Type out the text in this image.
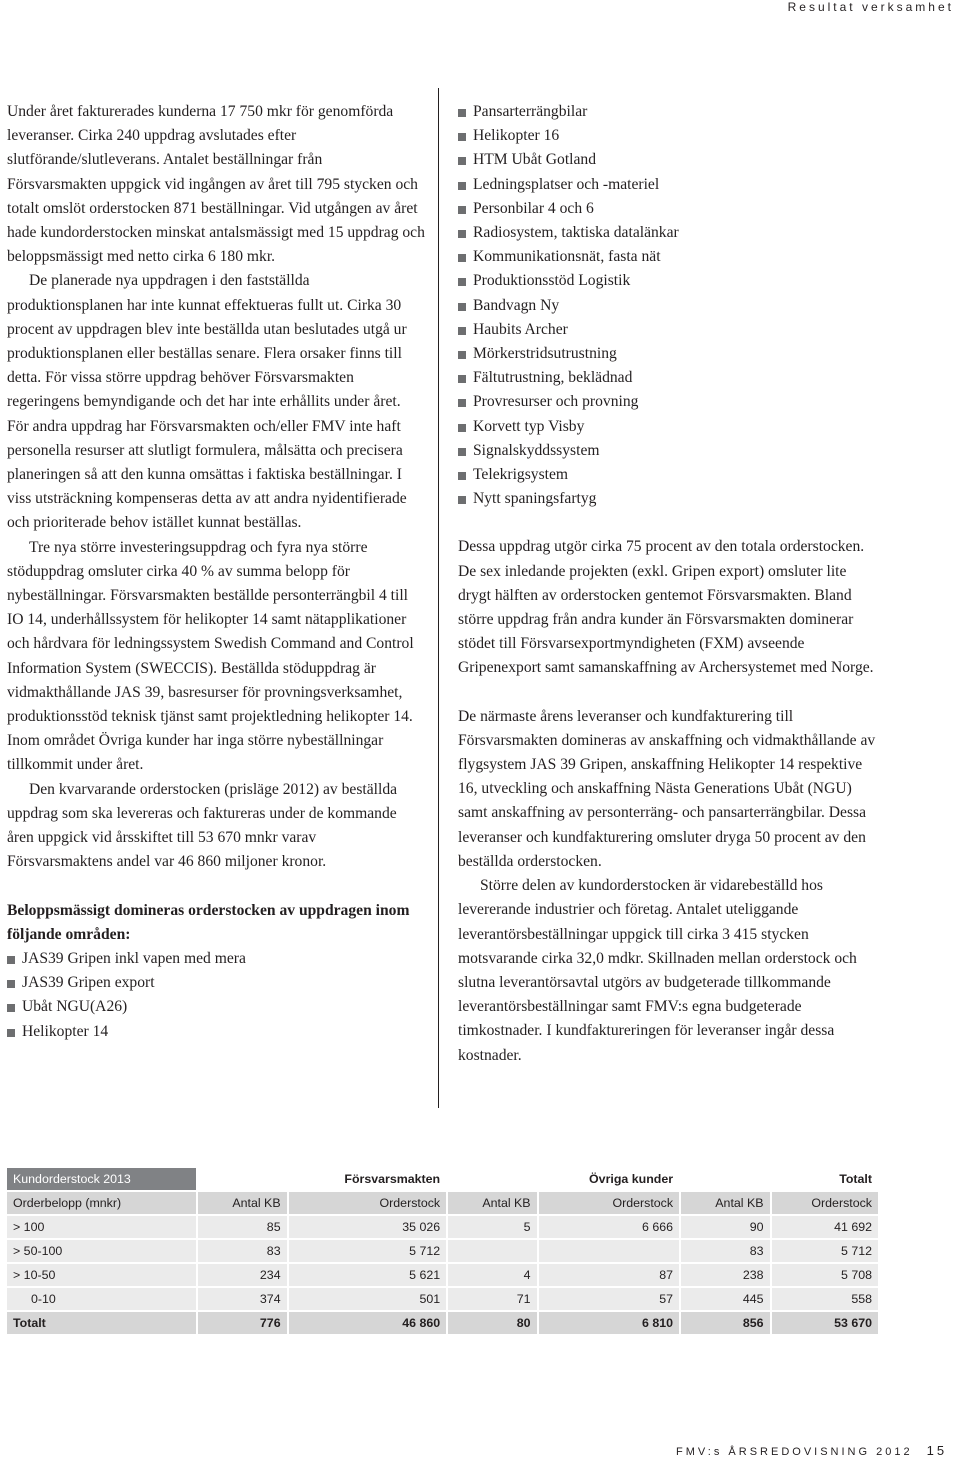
Resultat verksamhet

Under året fakturerades kunderna 17 750 mkr för genomförda leveranser. Cirka 240 uppdrag avslutades efter slutförande/slutleverans. Antalet beställningar från Försvarsmakten uppgick vid ingången av året till 795 stycken och totalt omslöt orderstocken 871 beställningar. Vid utgången av året hade kundorderstocken minskat antalsmässigt med 15 uppdrag och beloppsmässigt med netto cirka 6 180 mkr.

De planerade nya uppdragen i den fastställda produktionsplanen har inte kunnat effektueras fullt ut. Cirka 30 procent av uppdragen blev inte beställda utan beslutades utgå ur produktionsplanen eller beställas senare. Flera orsaker finns till detta. För vissa större uppdrag behöver Försvarsmakten regeringens bemyndigande och det har inte erhållits under året. För andra uppdrag har Försvarsmakten och/eller FMV inte haft personella resurser att slutligt formulera, målsätta och precisera planeringen så att den kunna omsättas i faktiska beställningar. I viss utsträckning kompenseras detta av att andra nyidentifierade och prioriterade behov istället kunnat beställas.

Tre nya större investeringsuppdrag och fyra nya större stöduppdrag omsluter cirka 40 % av summa belopp för nybeställningar. Försvarsmakten beställde personterrängbil 4 till IO 14, underhållssystem för helikopter 14 samt nätapplikationer och hårdvara för ledningssystem Swedish Command and Control Information System (SWECCIS). Beställda stöduppdrag är vidmakthållande JAS 39, basresurser för provningsverksamhet, produktionsstöd teknisk tjänst samt projektledning helikopter 14. Inom området Övriga kunder har inga större nybeställningar tillkommit under året.

Den kvarvarande orderstocken (prisläge 2012) av beställda uppdrag som ska levereras och faktureras under de kommande åren uppgick vid årsskiftet till 53 670 mnkr varav Försvarsmaktens andel var 46 860 miljoner kronor.

Beloppsmässigt domineras orderstocken av uppdragen inom följande områden:

JAS39 Gripen inkl vapen med mera
JAS39 Gripen export
Ubåt NGU(A26)
Helikopter 14
Pansarterrängbilar
Helikopter 16
HTM Ubåt Gotland
Ledningsplatser och -materiel
Personbilar 4 och 6
Radiosystem, taktiska datalänkar
Kommunikationsnät, fasta nät
Produktionsstöd Logistik
Bandvagn Ny
Haubits Archer
Mörkerstridsutrustning
Fältutrustning, beklädnad
Provresurser och provning
Korvett typ Visby
Signalskyddssystem
Telekrigsystem
Nytt spaningsfartyg

Dessa uppdrag utgör cirka 75 procent av den totala orderstocken. De sex inledande projekten (exkl. Gripen export) omsluter lite drygt hälften av orderstocken gentemot Försvarsmakten. Bland större uppdrag från andra kunder än Försvarsmakten dominerar stödet till Försvarsexportmyndigheten (FXM) avseende Gripenexport samt samanskaffning av Archersystemet med Norge.

De närmaste årens leveranser och kundfakturering till Försvarsmakten domineras av anskaffning och vidmakthållande av flygsystem JAS 39 Gripen, anskaffning Helikopter 14 respektive 16, utveckling och anskaffning Nästa Generations Ubåt (NGU) samt anskaffning av personterräng- och pansarterrängbilar. Dessa leveranser och kundfakturering omsluter dryga 50 procent av den beställda orderstocken.

Större delen av kundorderstocken är vidarebeställd hos levererande industrier och företag. Antalet uteliggande leverantörsbeställningar uppgick till cirka 3 415 stycken motsvarande cirka 32,0 mdkr. Skillnaden mellan orderstock och slutna leverantörsavtal utgörs av budgeterade tillkommande leverantörsbeställningar samt FMV:s egna budgeterade timkostnader. I kundfaktureringen för leveranser ingår dessa kostnader.

Kundorderstock 2013		Försvarsmakten		Övriga kunder		Totalt
Orderbelopp (mnkr)	Antal KB	Orderstock	Antal KB	Orderstock	Antal KB	Orderstock
> 100	85	35 026	5	6 666	90	41 692
> 50-100	83	5 712			83	5 712
> 10-50	234	5 621	4	87	238	5 708
0-10	374	501	71	57	445	558
Totalt	776	46 860	80	6 810	856	53 670
FMV:s ÅRSREDOVISNING 2012 15
